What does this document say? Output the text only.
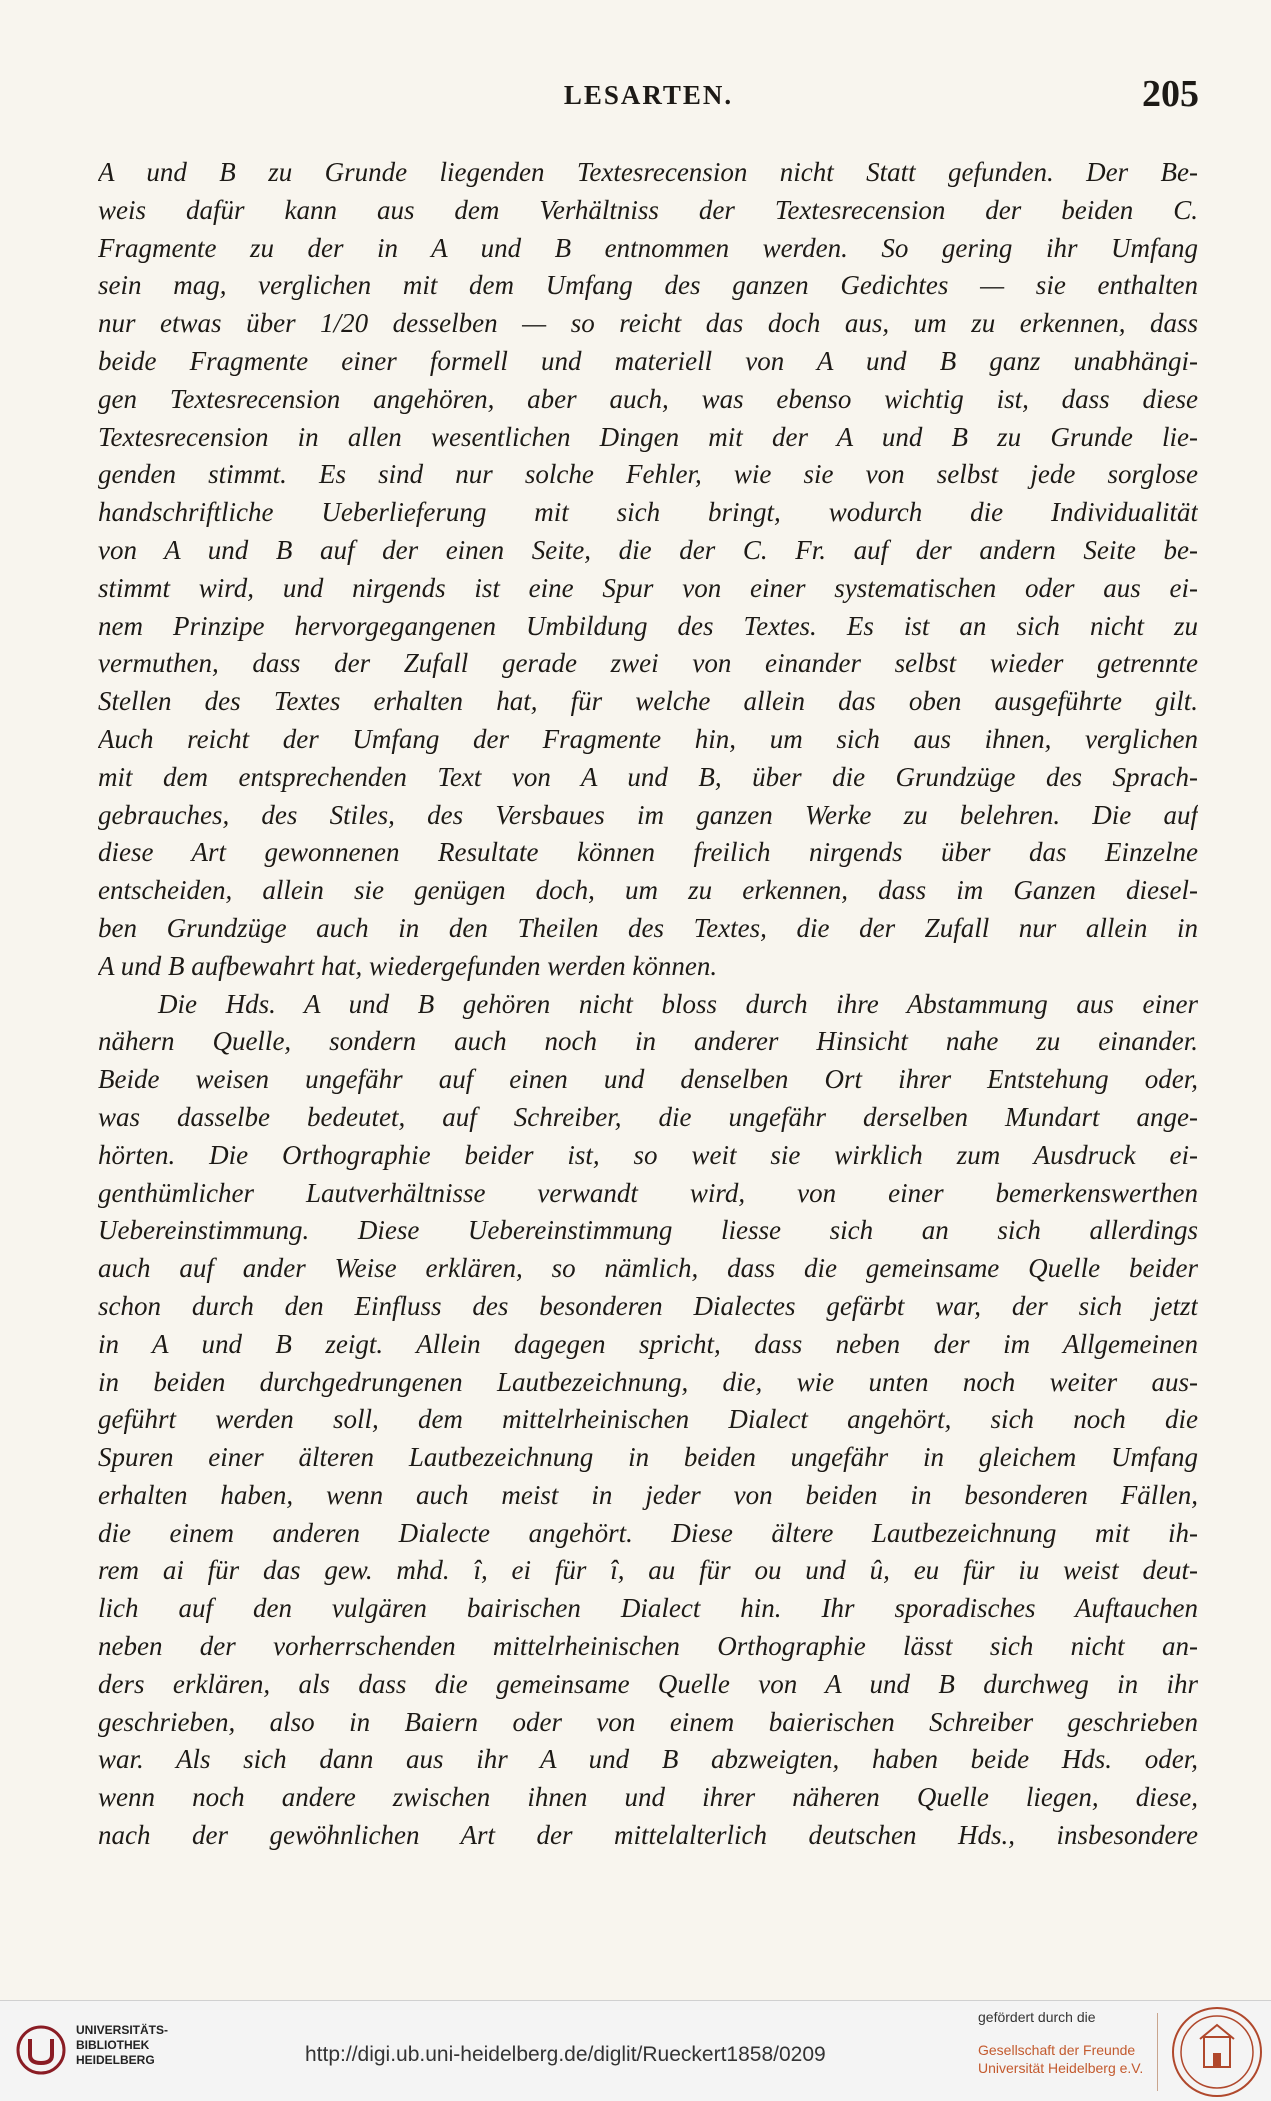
LESARTEN.	205
A und B zu Grunde liegenden Textesrecension nicht Statt gefunden. Der Be-
weis dafür kann aus dem Verhältniss der Textesrecension der beiden C.
Fragmente zu der in A und B entnommen werden. So gering ihr Umfang
sein mag, verglichen mit dem Umfang des ganzen Gedichtes — sie enthalten
nur etwas über 1/20 desselben — so reicht das doch aus, um zu erkennen, dass
beide Fragmente einer formell und materiell von A und B ganz unabhängi-
gen Textesrecension angehören, aber auch, was ebenso wichtig ist, dass diese
Textesrecension in allen wesentlichen Dingen mit der A und B zu Grunde lie-
genden stimmt. Es sind nur solche Fehler, wie sie von selbst jede sorglose
handschriftliche Ueberlieferung mit sich bringt, wodurch die Individualität
von A und B auf der einen Seite, die der C. Fr. auf der andern Seite be-
stimmt wird, und nirgends ist eine Spur von einer systematischen oder aus ei-
nem Prinzipe hervorgegangenen Umbildung des Textes. Es ist an sich nicht zu
vermuthen, dass der Zufall gerade zwei von einander selbst wieder getrennte
Stellen des Textes erhalten hat, für welche allein das oben ausgeführte gilt.
Auch reicht der Umfang der Fragmente hin, um sich aus ihnen, verglichen
mit dem entsprechenden Text von A und B, über die Grundzüge des Sprach-
gebrauches, des Stiles, des Versbaues im ganzen Werke zu belehren. Die auf
diese Art gewonnenen Resultate können freilich nirgends über das Einzelne
entscheiden, allein sie genügen doch, um zu erkennen, dass im Ganzen diesel-
ben Grundzüge auch in den Theilen des Textes, die der Zufall nur allein in
A und B aufbewahrt hat, wiedergefunden werden können.
Die Hds. A und B gehören nicht bloss durch ihre Abstammung aus einer
nähern Quelle, sondern auch noch in anderer Hinsicht nahe zu einander.
Beide weisen ungefähr auf einen und denselben Ort ihrer Entstehung oder,
was dasselbe bedeutet, auf Schreiber, die ungefähr derselben Mundart ange-
hörten. Die Orthographie beider ist, so weit sie wirklich zum Ausdruck ei-
genthümlicher Lautverhältnisse verwandt wird, von einer bemerkenswerthen
Uebereinstimmung. Diese Uebereinstimmung liesse sich an sich allerdings
auch auf ander Weise erklären, so nämlich, dass die gemeinsame Quelle beider
schon durch den Einfluss des besonderen Dialectes gefärbt war, der sich jetzt
in A und B zeigt. Allein dagegen spricht, dass neben der im Allgemeinen
in beiden durchgedrungenen Lautbezeichnung, die, wie unten noch weiter aus-
geführt werden soll, dem mittelrheinischen Dialect angehört, sich noch die
Spuren einer älteren Lautbezeichnung in beiden ungefähr in gleichem Umfang
erhalten haben, wenn auch meist in jeder von beiden in besonderen Fällen,
die einem anderen Dialecte angehört. Diese ältere Lautbezeichnung mit ih-
rem ai für das gew. mhd. î, ei für î, au für ou und û, eu für iu weist deut-
lich auf den vulgären bairischen Dialect hin. Ihr sporadisches Auftauchen
neben der vorherrschenden mittelrheinischen Orthographie lässt sich nicht an-
ders erklären, als dass die gemeinsame Quelle von A und B durchweg in ihr
geschrieben, also in Baiern oder von einem baierischen Schreiber geschrieben
war. Als sich dann aus ihr A und B abzweigten, haben beide Hds. oder,
wenn noch andere zwischen ihnen und ihrer näheren Quelle liegen, diese,
nach der gewöhnlichen Art der mittelalterlich deutschen Hds., insbesondere
UNIVERSITÄTS-
BIBLIOTHEK
HEIDELBERG	http://digi.ub.uni-heidelberg.de/diglit/Rueckert1858/0209
gefördert durch die
Gesellschaft der Freunde
Universität Heidelberg e.V.
